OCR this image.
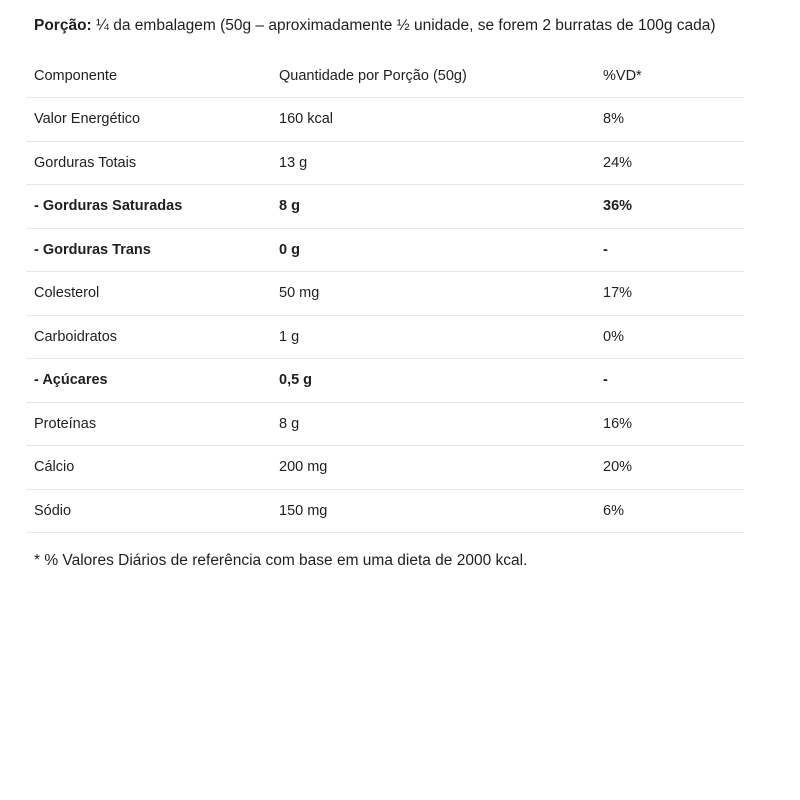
Porção: ¼ da embalagem (50g – aproximadamente ½ unidade, se forem 2 burratas de 100g cada)
Componente	Quantidade por Porção (50g)	%VD*
Valor Energético	160 kcal	8%
Gorduras Totais	13 g	24%
- Gorduras Saturadas	8 g	36%
- Gorduras Trans	0 g	-
Colesterol	50 mg	17%
Carboidratos	1 g	0%
- Açúcares	0,5 g	-
Proteínas	8 g	16%
Cálcio	200 mg	20%
Sódio	150 mg	6%
* % Valores Diários de referência com base em uma dieta de 2000 kcal.
